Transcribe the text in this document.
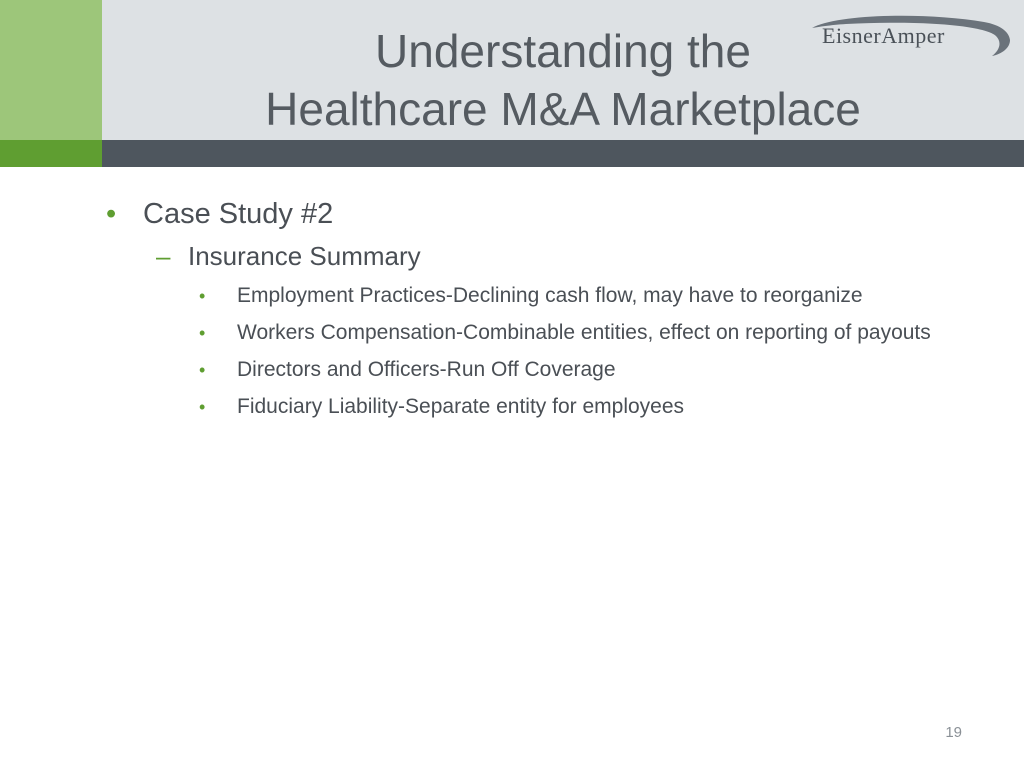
Understanding the
Healthcare M&A Marketplace
EisnerAmper
• Case Study #2
– Insurance Summary
• Employment Practices-Declining cash flow, may have to reorganize
• Workers Compensation-Combinable entities, effect on reporting of payouts
• Directors and Officers-Run Off Coverage
• Fiduciary Liability-Separate entity for employees
19
